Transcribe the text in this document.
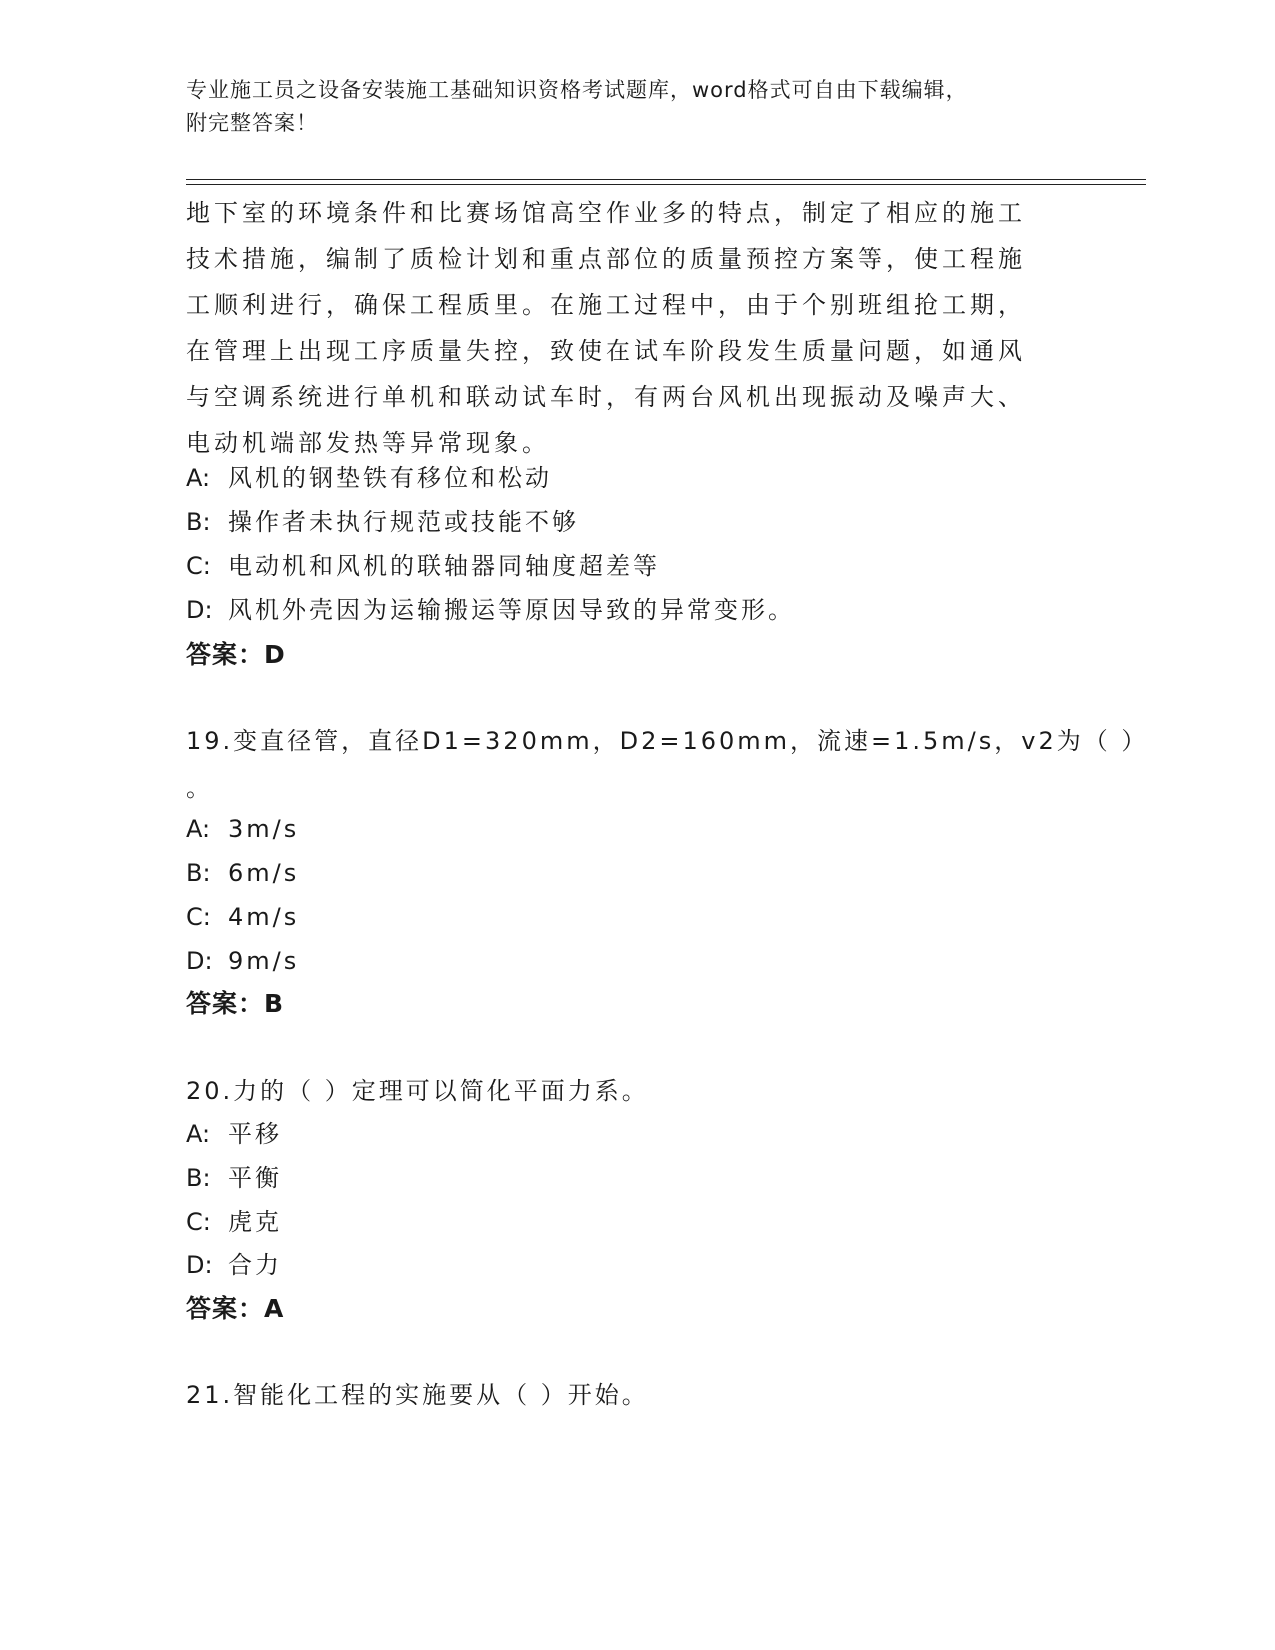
专业施工员之设备安装施工基础知识资格考试题库，word格式可自由下载编辑，
附完整答案！
地下室的环境条件和比赛场馆高空作业多的特点，制定了相应的施工
技术措施，编制了质检计划和重点部位的质量预控方案等，使工程施
工顺利进行，确保工程质里。在施工过程中，由于个别班组抢工期，
在管理上出现工序质量失控，致使在试车阶段发生质量问题，如通风
与空调系统进行单机和联动试车时，有两台风机出现振动及噪声大、
电动机端部发热等异常现象。
A: 风机的钢垫铁有移位和松动
B: 操作者未执行规范或技能不够
C: 电动机和风机的联轴器同轴度超差等
D: 风机外壳因为运输搬运等原因导致的异常变形。
答案：D
19.变直径管，直径D1=320mm，D2=160mm，流速=1.5m/s，v2为（ ）
。
A: 3m/s
B: 6m/s
C: 4m/s
D: 9m/s
答案：B
20.力的（ ）定理可以简化平面力系。
A: 平移
B: 平衡
C: 虎克
D: 合力
答案：A
21.智能化工程的实施要从（ ）开始。
